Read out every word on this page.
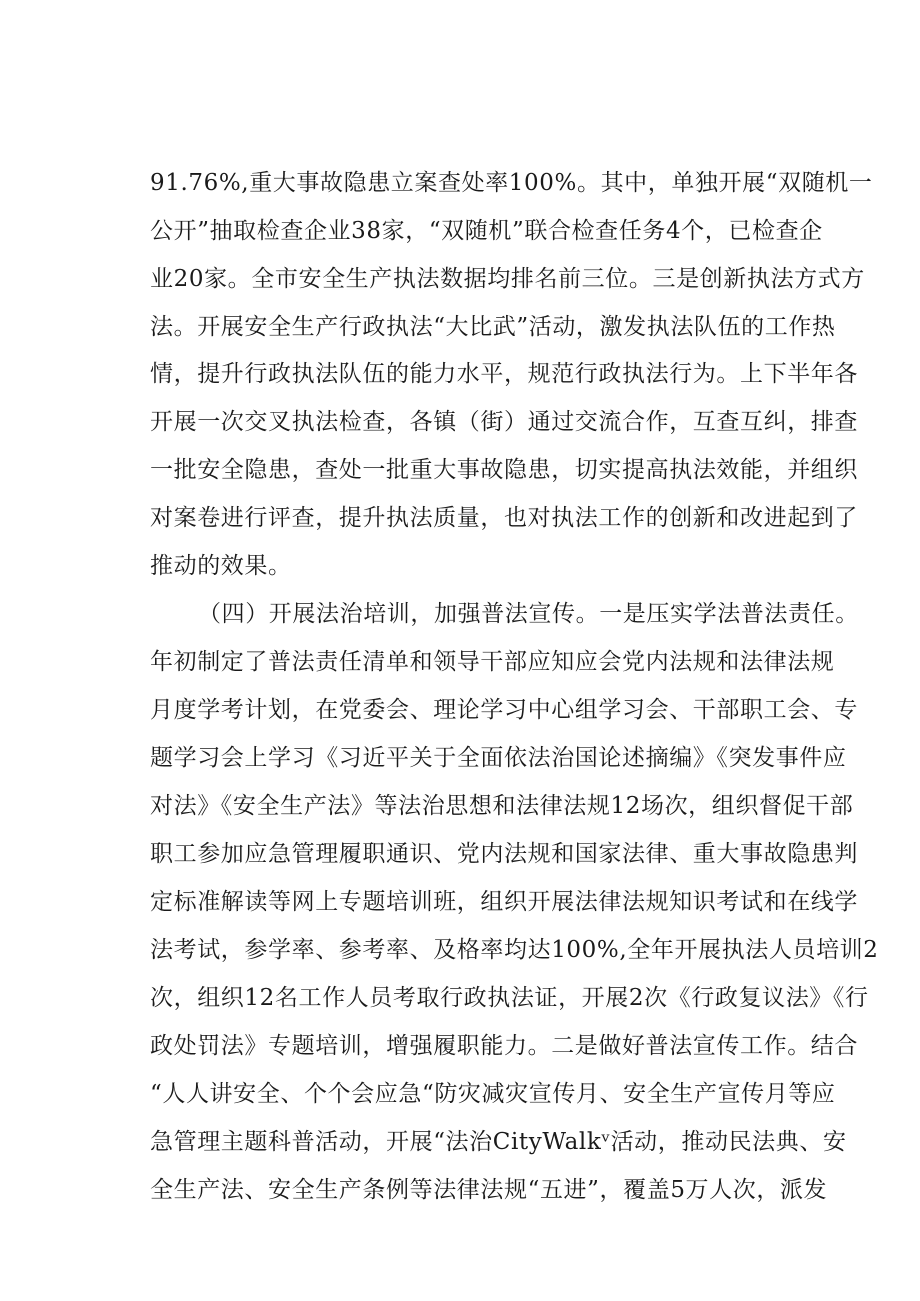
91.76%,重大事故隐患立案查处率100%。其中，单独开展“双随机一
公开”抽取检查企业38家，“双随机”联合检查任务4个，已检查企
业20家。全市安全生产执法数据均排名前三位。三是创新执法方式方
法。开展安全生产行政执法“大比武”活动，激发执法队伍的工作热
情，提升行政执法队伍的能力水平，规范行政执法行为。上下半年各
开展一次交叉执法检查，各镇（街）通过交流合作，互查互纠，排查
一批安全隐患，查处一批重大事故隐患，切实提高执法效能，并组织
对案卷进行评查，提升执法质量，也对执法工作的创新和改进起到了
推动的效果。
（四）开展法治培训，加强普法宣传。一是压实学法普法责任。
年初制定了普法责任清单和领导干部应知应会党内法规和法律法规
月度学考计划，在党委会、理论学习中心组学习会、干部职工会、专
题学习会上学习《习近平关于全面依法治国论述摘编》《突发事件应
对法》《安全生产法》等法治思想和法律法规12场次，组织督促干部
职工参加应急管理履职通识、党内法规和国家法律、重大事故隐患判
定标准解读等网上专题培训班，组织开展法律法规知识考试和在线学
法考试，参学率、参考率、及格率均达100%,全年开展执法人员培训2
次，组织12名工作人员考取行政执法证，开展2次《行政复议法》《行
政处罚法》专题培训，增强履职能力。二是做好普法宣传工作。结合
“人人讲安全、个个会应急“防灾减灾宣传月、安全生产宣传月等应
急管理主题科普活动，开展“法治CityWalkᵛ活动，推动民法典、安
全生产法、安全生产条例等法律法规“五进”，覆盖5万人次，派发
